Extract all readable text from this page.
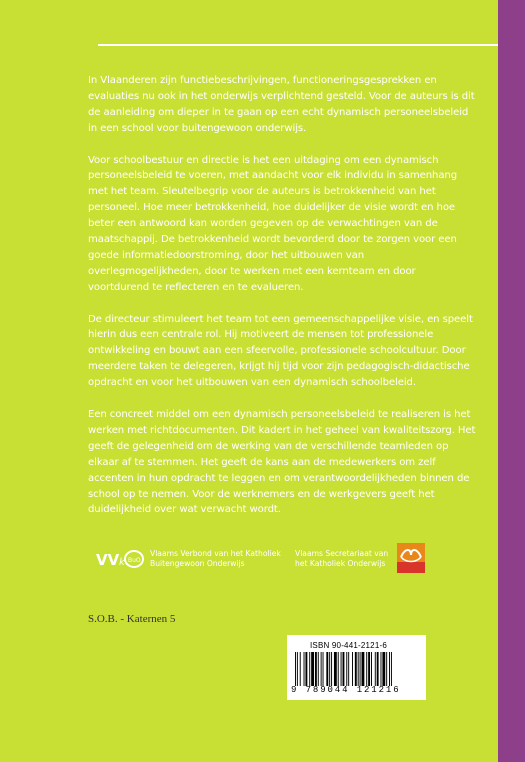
In Vlaanderen zijn functiebeschrijvingen, functioneringsgesprekken en evaluaties nu ook in het onderwijs verplichtend gesteld. Voor de auteurs is dit de aanleiding om dieper in te gaan op een echt dynamisch personeelsbeleid in een school voor buitengewoon onderwijs.

Voor schoolbestuur en directie is het een uitdaging om een dynamisch personeelsbeleid te voeren, met aandacht voor elk individu in samenhang met het team. Sleutelbegrip voor de auteurs is betrokkenheid van het personeel. Hoe meer betrokkenheid, hoe duidelijker de visie wordt en hoe beter een antwoord kan worden gegeven op de verwachtingen van de maatschappij. De betrokkenheid wordt bevorderd door te zorgen voor een goede informatiedoorstroming, door het uitbouwen van overlegmogelijkheden, door te werken met een kernteam en door voortdurend te reflecteren en te evalueren.

De directeur stimuleert het team tot een gemeenschappelijke visie, en speelt hierin dus een centrale rol. Hij motiveert de mensen tot professionele ontwikkeling en bouwt aan een sfeervolle, professionele schoolcultuur. Door meerdere taken te delegeren, krijgt hij tijd voor zijn pedagogisch-didactische opdracht en voor het uitbouwen van een dynamisch schoolbeleid.

Een concreet middel om een dynamisch personeelsbeleid te realiseren is het werken met richtdocumenten. Dit kadert in het geheel van kwaliteitszorg. Het geeft de gelegenheid om de werking van de verschillende teamleden op elkaar af te stemmen. Het geeft de kans aan de medewerkers om zelf accenten in hun opdracht te leggen en om verantwoordelijkheden binnen de school op te nemen. Voor de werknemers en de werkgevers geeft het duidelijkheid over wat verwacht wordt.

VV k BuO
Vlaams Verbond van het Katholiek
Buitengewoon Onderwijs
Vlaams Secretariaat van
het Katholiek Onderwijs
S.O.B. - Katernen 5
ISBN 90-441-2121-6
9 789044 121216
